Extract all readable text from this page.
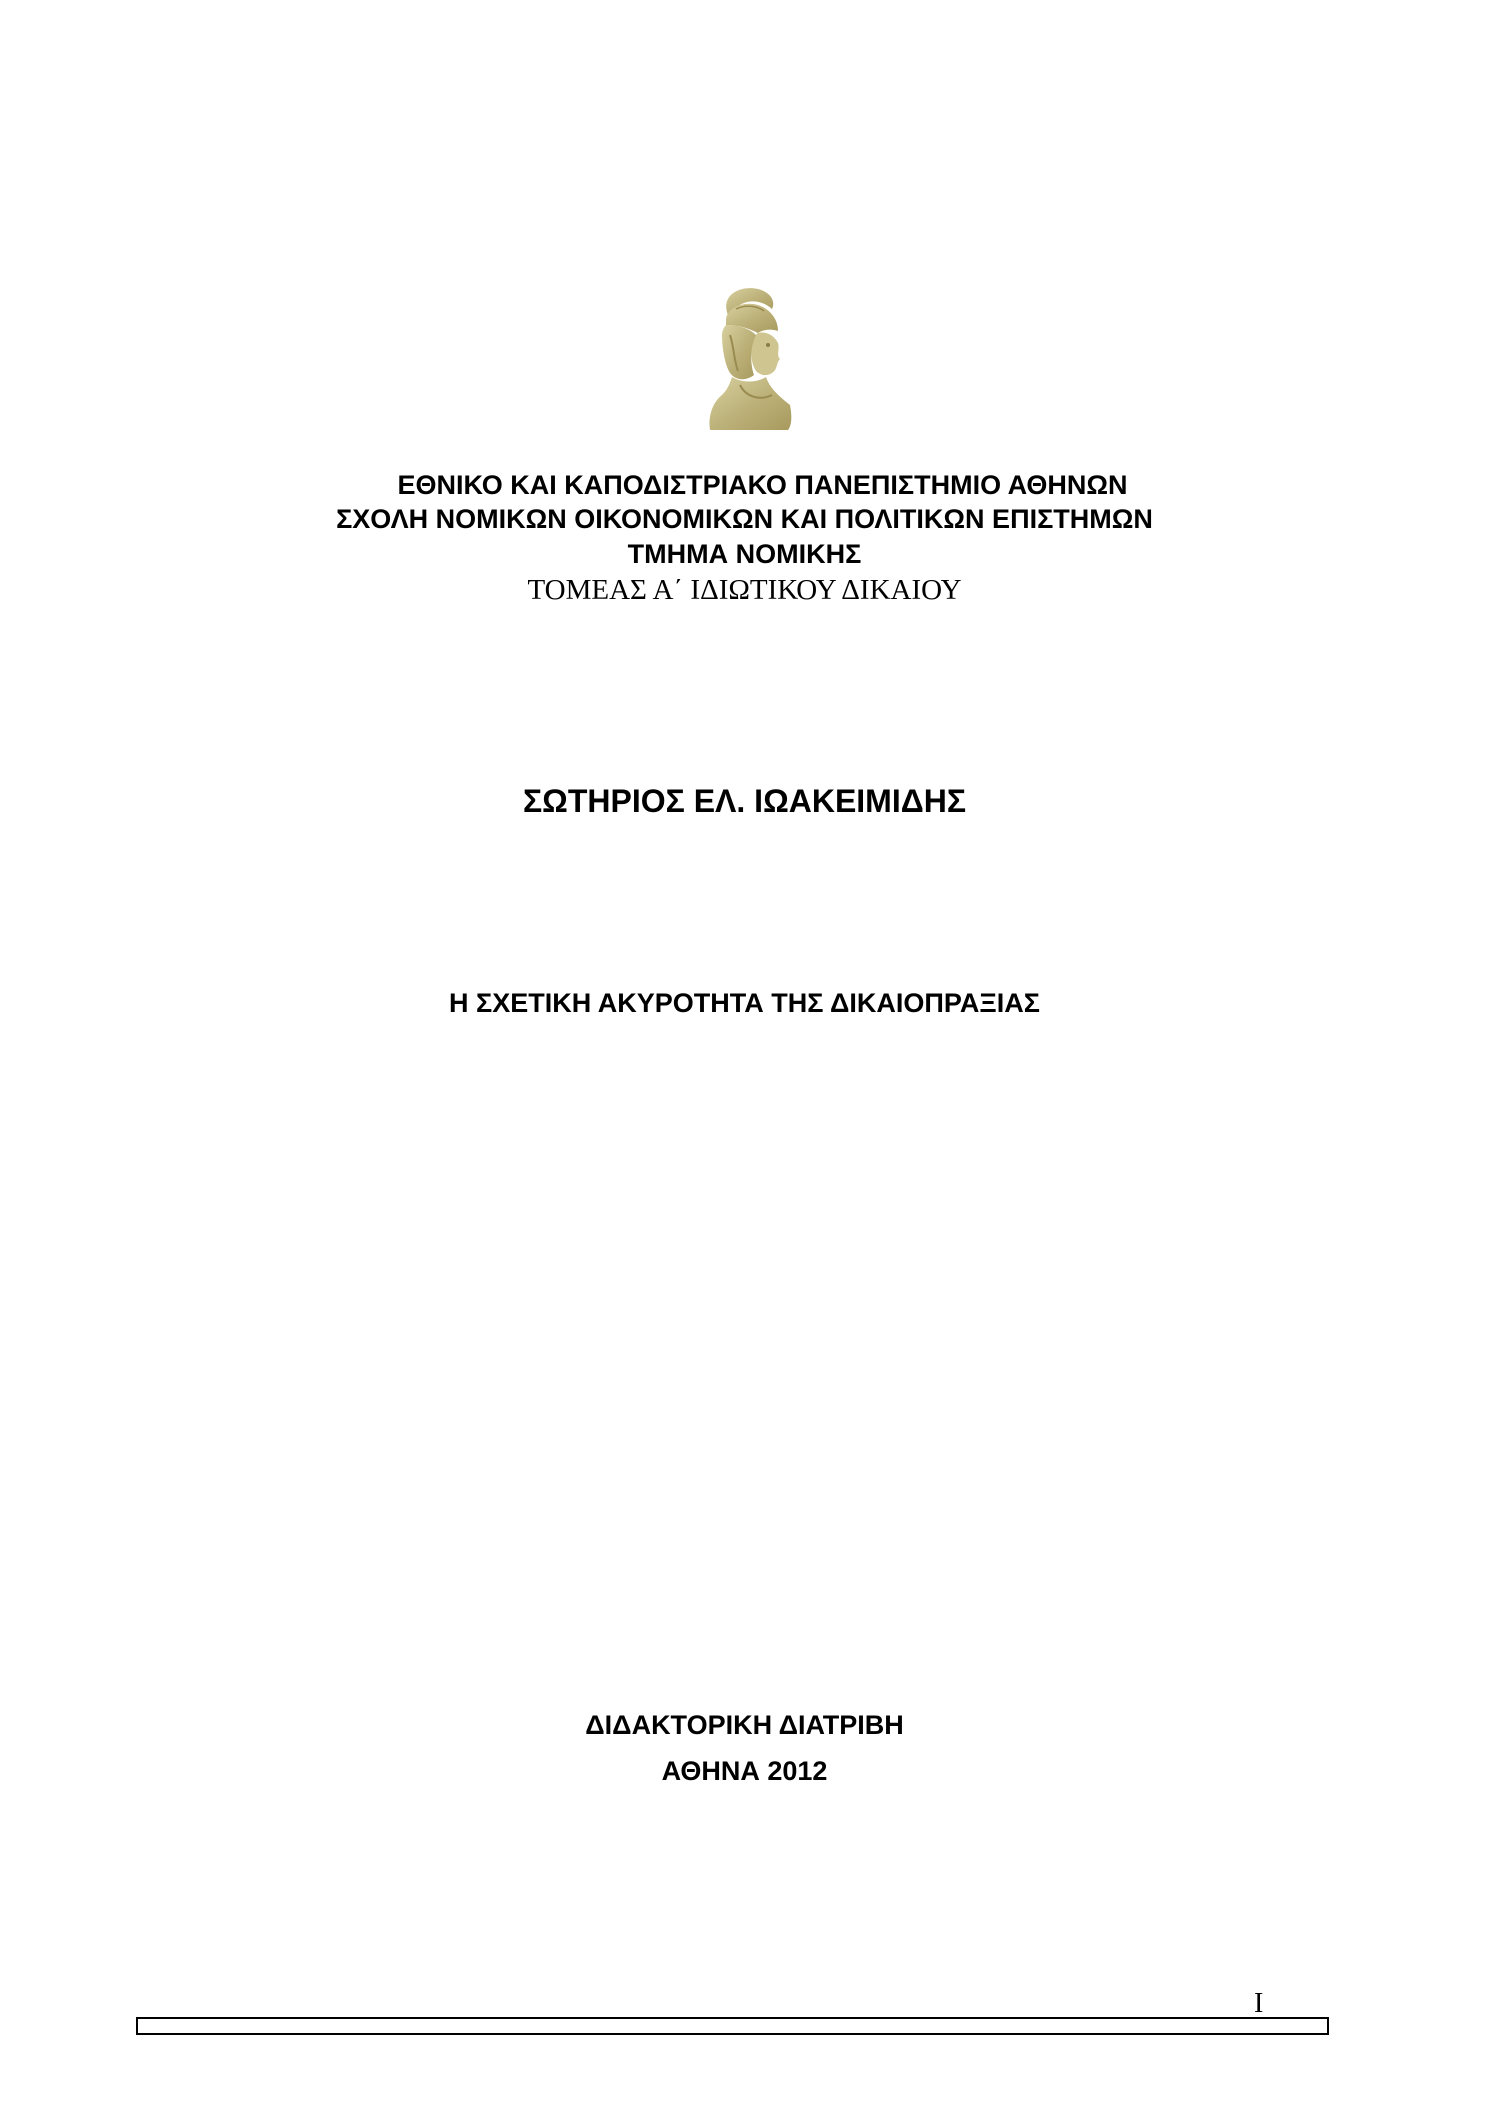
ΕΘΝΙΚΟ ΚΑΙ ΚΑΠΟΔΙΣΤΡΙΑΚΟ ΠΑΝΕΠΙΣΤΗΜΙΟ ΑΘΗΝΩΝ
ΣΧΟΛΗ ΝΟΜΙΚΩΝ ΟΙΚΟΝΟΜΙΚΩΝ ΚΑΙ ΠΟΛΙΤΙΚΩΝ ΕΠΙΣΤΗΜΩΝ
ΤΜΗΜΑ ΝΟΜΙΚΗΣ
ΤΟΜΕΑΣ Α΄ ΙΔΙΩΤΙΚΟΥ ΔΙΚΑΙΟΥ
ΣΩΤΗΡΙΟΣ ΕΛ. ΙΩΑΚΕΙΜΙΔΗΣ
Η ΣΧΕΤΙΚΗ ΑΚΥΡΟΤΗΤΑ ΤΗΣ ΔΙΚΑΙΟΠΡΑΞΙΑΣ
ΔΙΔΑΚΤΟΡΙΚΗ ΔΙΑΤΡΙΒΗ
ΑΘΗΝΑ 2012
I
